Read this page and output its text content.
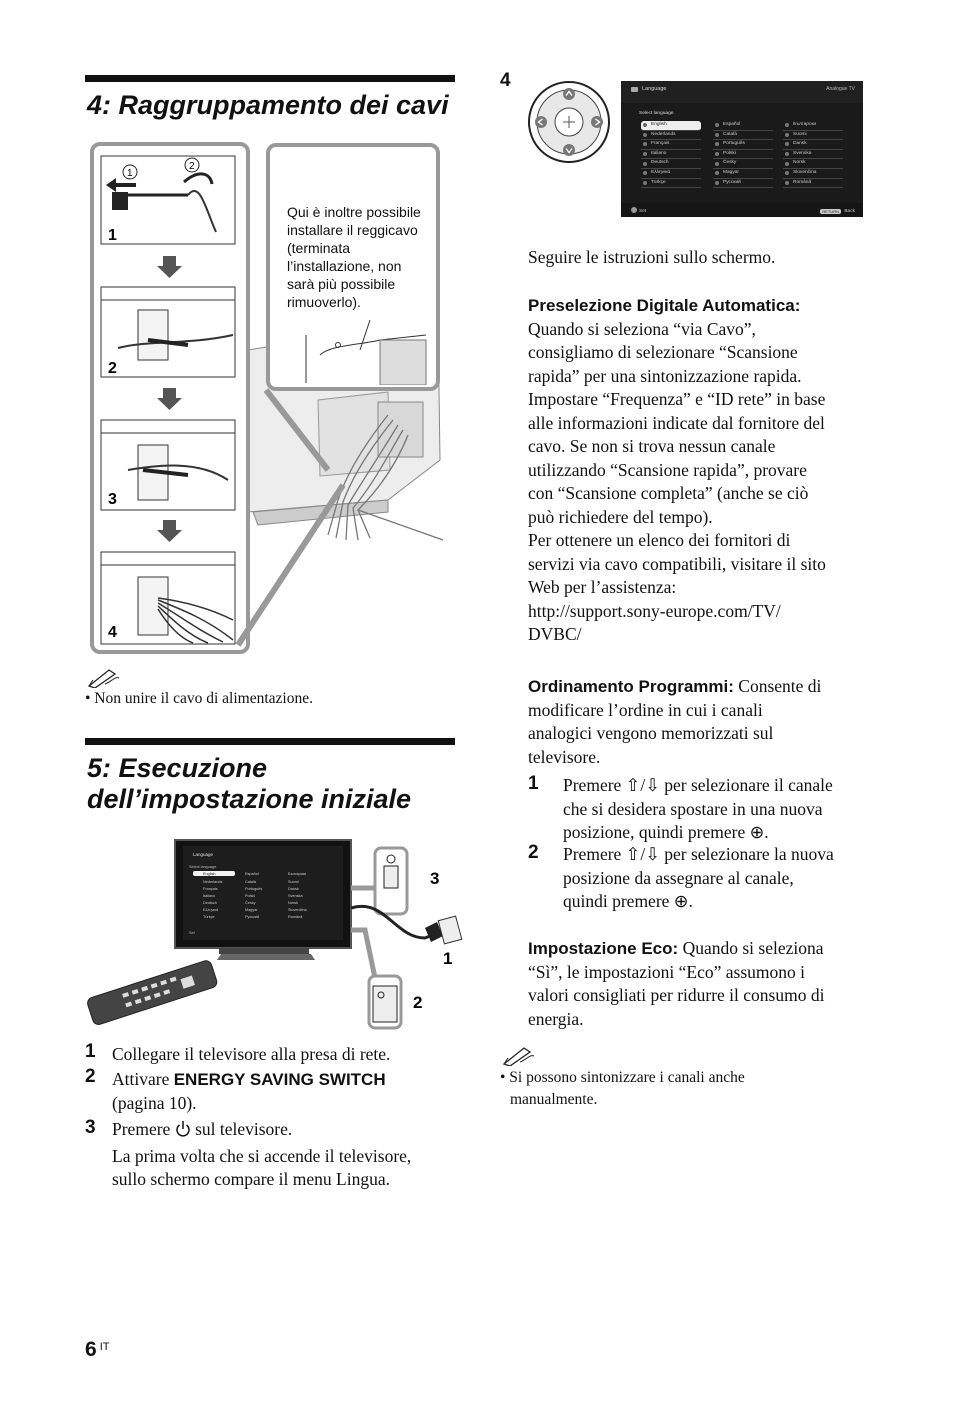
4: Raggruppamento dei cavi
1
2
1
2
3
4
Qui è inoltre possibile installare il reggicavo (terminata l’installazione, non sarà più possibile rimuoverlo).
• Non unire il cavo di alimentazione.
5: Esecuzione
dell’impostazione iniziale
Language
Select language.
English
Nederlands
Français
Italiano
Deutsch
Ελληνικά
Türkçe
Español
Català
Português
Polski
Česky
Magyar
Русский
Български
Suomi
Dansk
Svenska
Norsk
Slovenčina
Română
Set
3
1
2
1 Collegare il televisore alla presa di rete.
2 Attivare ENERGY SAVING SWITCH
(pagina 10).
3 Premere  sul televisore.
La prima volta che si accende il televisore,
sullo schermo compare il menu Lingua.
6 $^{IT}$
4	Language	Analogue TV
Select language.
English
Nederlands
Français
Italiano
Deutsch
Ελληνικά
Türkçe
Español
Català
Português
Polski
Česky
Magyar
Русский
Български
Suomi
Dansk
Svenska
Norsk
Slovenčina
Română
Set	RETURN	Back
Seguire le istruzioni sullo schermo.
Preselezione Digitale Automatica:
Quando si seleziona “via Cavo”,
consigliamo di selezionare “Scansione
rapida” per una sintonizzazione rapida.
Impostare “Frequenza” e “ID rete” in base
alle informazioni indicate dal fornitore del
cavo. Se non si trova nessun canale
utilizzando “Scansione rapida”, provare
con “Scansione completa” (anche se ciò
può richiedere del tempo).
Per ottenere un elenco dei fornitori di
servizi via cavo compatibili, visitare il sito
Web per l’assistenza:
http://support.sony-europe.com/TV/
DVBC/
Ordinamento Programmi: Consente di
modificare l’ordine in cui i canali
analogici vengono memorizzati sul
televisore.
1 Premere ⇧/⇩ per selezionare il canale
che si desidera spostare in una nuova
posizione, quindi premere ⊕.
2 Premere ⇧/⇩ per selezionare la nuova
posizione da assegnare al canale,
quindi premere ⊕.
Impostazione Eco: Quando si seleziona
“Sì”, le impostazioni “Eco” assumono i
valori consigliati per ridurre il consumo di
energia.
• Si possono sintonizzare i canali anche
manualmente.
